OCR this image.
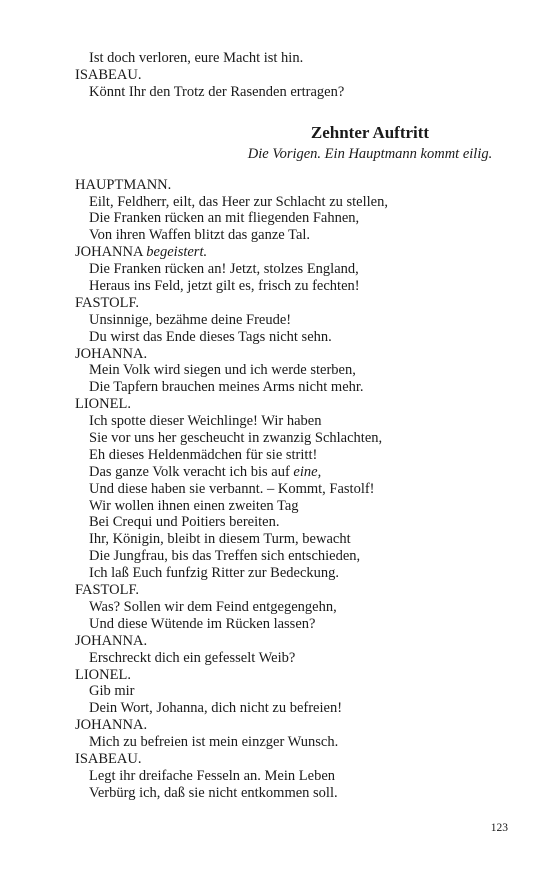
Ist doch verloren, eure Macht ist hin.
ISABEAU.
Könnt Ihr den Trotz der Rasenden ertragen?
Zehnter Auftritt
Die Vorigen. Ein Hauptmann kommt eilig.
HAUPTMANN.
Eilt, Feldherr, eilt, das Heer zur Schlacht zu stellen,
Die Franken rücken an mit fliegenden Fahnen,
Von ihren Waffen blitzt das ganze Tal.
JOHANNA begeistert.
Die Franken rücken an! Jetzt, stolzes England,
Heraus ins Feld, jetzt gilt es, frisch zu fechten!
FASTOLF.
Unsinnige, bezähme deine Freude!
Du wirst das Ende dieses Tags nicht sehn.
JOHANNA.
Mein Volk wird siegen und ich werde sterben,
Die Tapfern brauchen meines Arms nicht mehr.
LIONEL.
Ich spotte dieser Weichlinge! Wir haben
Sie vor uns her gescheucht in zwanzig Schlachten,
Eh dieses Heldenmädchen für sie stritt!
Das ganze Volk veracht ich bis auf eine,
Und diese haben sie verbannt. – Kommt, Fastolf!
Wir wollen ihnen einen zweiten Tag
Bei Crequi und Poitiers bereiten.
Ihr, Königin, bleibt in diesem Turm, bewacht
Die Jungfrau, bis das Treffen sich entschieden,
Ich laß Euch funfzig Ritter zur Bedeckung.
FASTOLF.
Was? Sollen wir dem Feind entgegengehn,
Und diese Wütende im Rücken lassen?
JOHANNA.
Erschreckt dich ein gefesselt Weib?
LIONEL.
Gib mir
Dein Wort, Johanna, dich nicht zu befreien!
JOHANNA.
Mich zu befreien ist mein einzger Wunsch.
ISABEAU.
Legt ihr dreifache Fesseln an. Mein Leben
Verbürg ich, daß sie nicht entkommen soll.
123
